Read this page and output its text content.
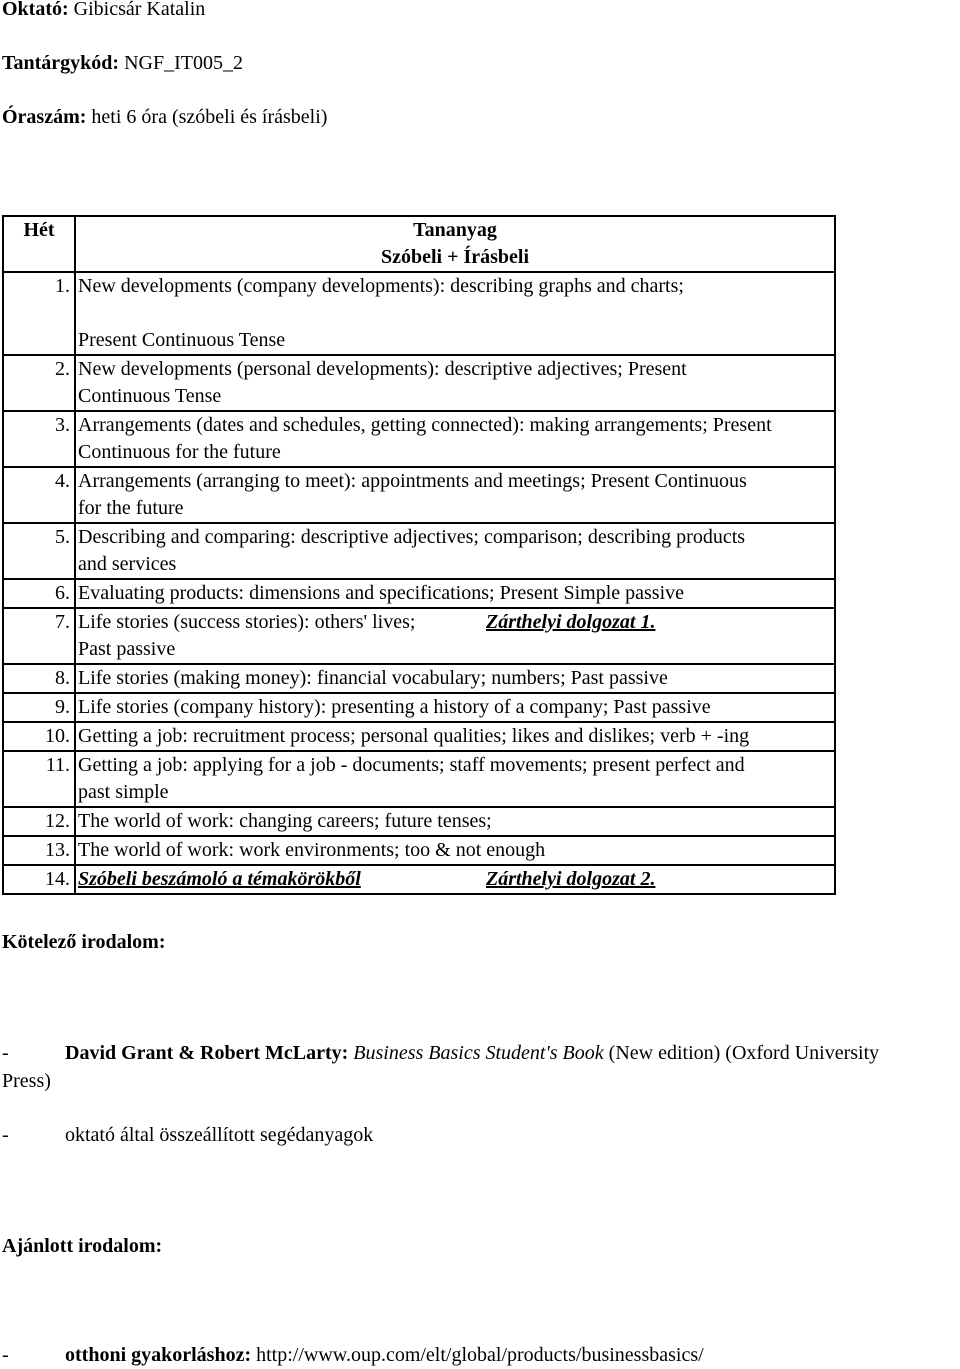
Oktató: Gibicsár Katalin
Tantárgykód: NGF_IT005_2
Óraszám: heti 6 óra (szóbeli és írásbeli)
Hét	Tananyag
Szóbeli + Írásbeli

1.	New developments (company developments): describing graphs and charts;
Present Continuous Tense

2.	New developments (personal developments): descriptive adjectives; Present
Continuous Tense

3.	Arrangements (dates and schedules, getting connected): making arrangements; Present
Continuous for the future

4.	Arrangements (arranging to meet): appointments and meetings; Present Continuous
for the future

5.	Describing and comparing: descriptive adjectives; comparison; describing products
and services

6.	Evaluating products: dimensions and specifications; Present Simple passive

7.	Life stories (success stories): others' lives;
Past passive
Zárthelyi dolgozat 1.

8.	Life stories (making money): financial vocabulary; numbers; Past passive

9.	Life stories (company history): presenting a history of a company; Past passive

10.	Getting a job: recruitment process; personal qualities; likes and dislikes; verb + -ing

11.	Getting a job: applying for a job - documents; staff movements; present perfect and
past simple

12.	The world of work: changing careers; future tenses;

13.	The world of work: work environments; too & not enough

14.	Szóbeli beszámoló a témakörökből Zárthelyi dolgozat 2.
Kötelező irodalom:
-	David Grant & Robert McLarty: Business Basics Student's Book (New edition) (Oxford University
Press)
-	oktató által összeállított segédanyagok
Ajánlott irodalom:
-	otthoni gyakorláshoz: http://www.oup.com/elt/global/products/businessbasics/
